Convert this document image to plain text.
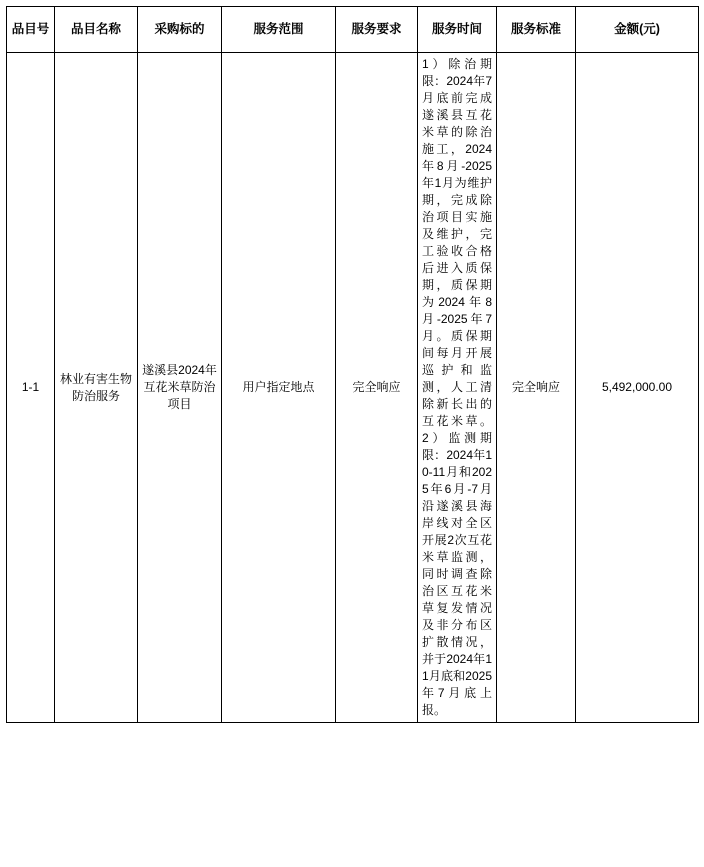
品目号	品目名称	采购标的	服务范围	服务要求	服务时间	服务标准	金额(元)
1-1	林业有害生物防治服务	遂溪县2024年互花米草防治项目	用户指定地点	完全响应	1）除治期限：2024年7月底前完成遂溪县互花米草的除治施工，2024年8月-2025年1月为维护期，完成除治项目实施及维护，完工验收合格后进入质保期，质保期为2024年8月-2025年7月。质保期间每月开展巡护和监测，人工清除新长出的互花米草。2）监测期限：2024年10-11月和2025年6月-7月沿遂溪县海岸线对全区开展2次互花米草监测，同时调查除治区互花米草复发情况及非分布区扩散情况，并于2024年11月底和2025年7月底上报。	完全响应	5,492,000.00
